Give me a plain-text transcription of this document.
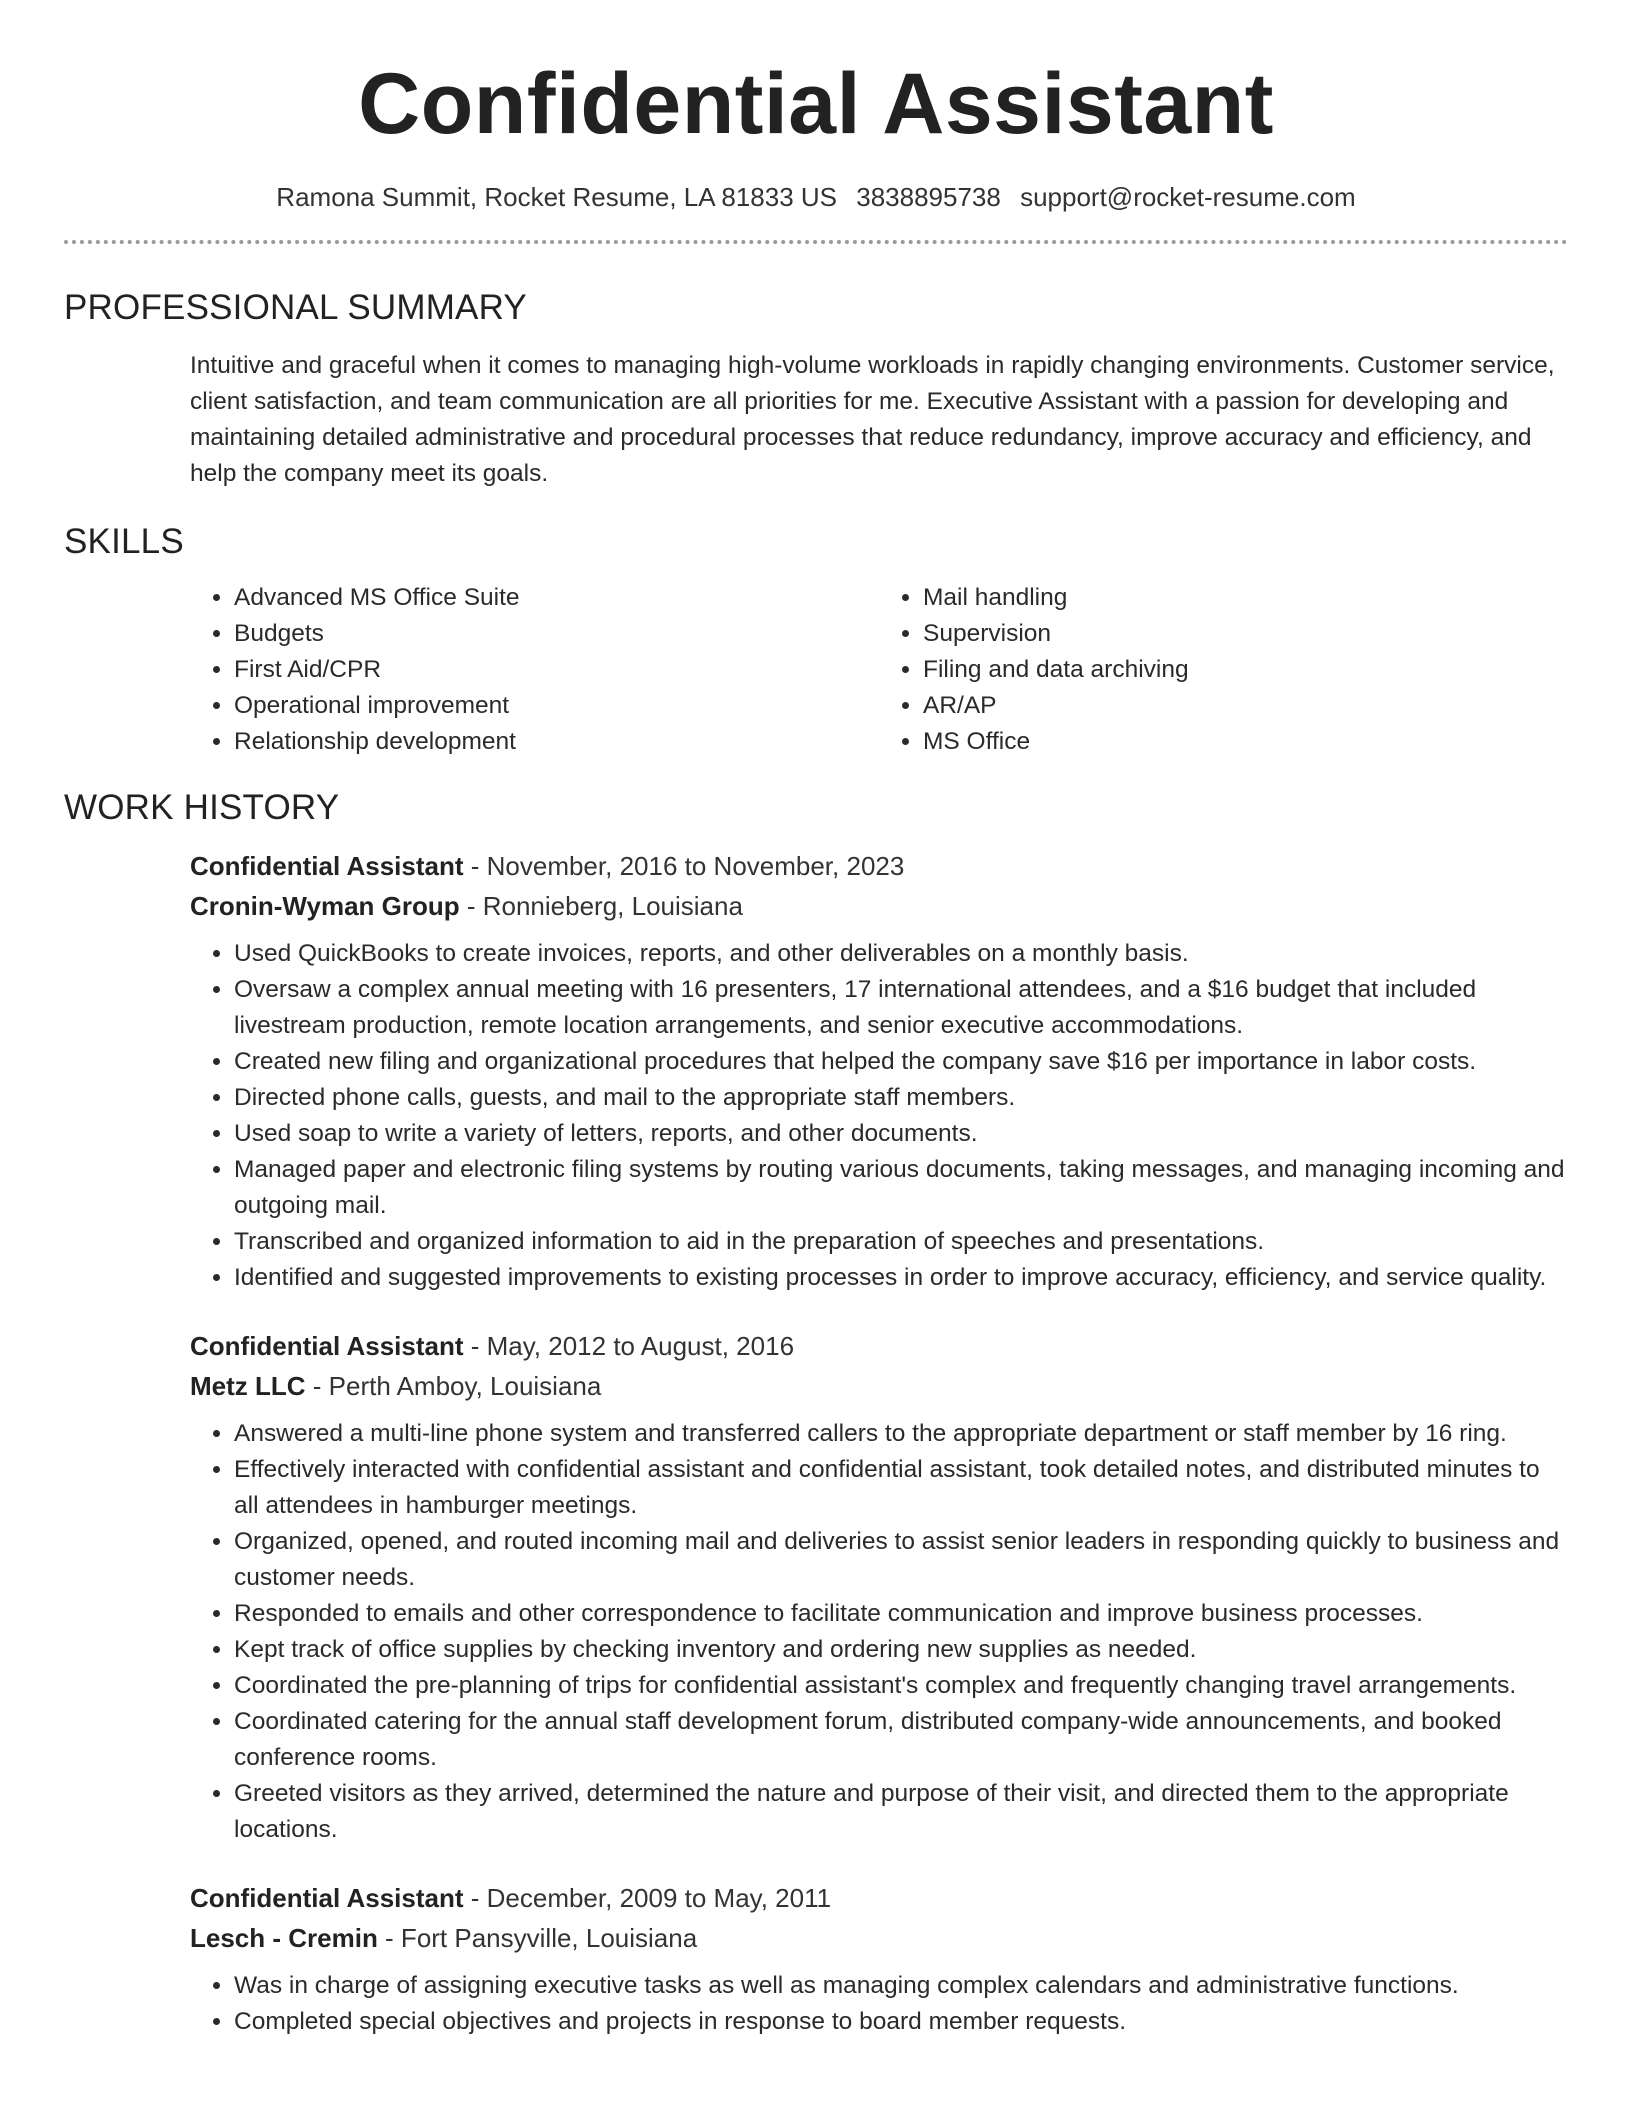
Confidential Assistant
Ramona Summit, Rocket Resume, LA 81833 US 3838895738 support@rocket-resume.com
PROFESSIONAL SUMMARY

Intuitive and graceful when it comes to managing high-volume workloads in rapidly changing environments. Customer service, client satisfaction, and team communication are all priorities for me. Executive Assistant with a passion for developing and maintaining detailed administrative and procedural processes that reduce redundancy, improve accuracy and efficiency, and help the company meet its goals.

SKILLS
• Advanced MS Office Suite
• Budgets
• First Aid/CPR
• Operational improvement
• Relationship development
• Mail handling
• Supervision
• Filing and data archiving
• AR/AP
• MS Office
WORK HISTORY
Confidential Assistant - November, 2016 to November, 2023
Cronin-Wyman Group - Ronnieberg, Louisiana
• Used QuickBooks to create invoices, reports, and other deliverables on a monthly basis.
• Oversaw a complex annual meeting with 16 presenters, 17 international attendees, and a $16 budget that included livestream production, remote location arrangements, and senior executive accommodations.
• Created new filing and organizational procedures that helped the company save $16 per importance in labor costs.
• Directed phone calls, guests, and mail to the appropriate staff members.
• Used soap to write a variety of letters, reports, and other documents.
• Managed paper and electronic filing systems by routing various documents, taking messages, and managing incoming and outgoing mail.
• Transcribed and organized information to aid in the preparation of speeches and presentations.
• Identified and suggested improvements to existing processes in order to improve accuracy, efficiency, and service quality.
Confidential Assistant - May, 2012 to August, 2016
Metz LLC - Perth Amboy, Louisiana
• Answered a multi-line phone system and transferred callers to the appropriate department or staff member by 16 ring.
• Effectively interacted with confidential assistant and confidential assistant, took detailed notes, and distributed minutes to all attendees in hamburger meetings.
• Organized, opened, and routed incoming mail and deliveries to assist senior leaders in responding quickly to business and customer needs.
• Responded to emails and other correspondence to facilitate communication and improve business processes.
• Kept track of office supplies by checking inventory and ordering new supplies as needed.
• Coordinated the pre-planning of trips for confidential assistant's complex and frequently changing travel arrangements.
• Coordinated catering for the annual staff development forum, distributed company-wide announcements, and booked conference rooms.
• Greeted visitors as they arrived, determined the nature and purpose of their visit, and directed them to the appropriate locations.
Confidential Assistant - December, 2009 to May, 2011
Lesch - Cremin - Fort Pansyville, Louisiana
• Was in charge of assigning executive tasks as well as managing complex calendars and administrative functions.
• Completed special objectives and projects in response to board member requests.
